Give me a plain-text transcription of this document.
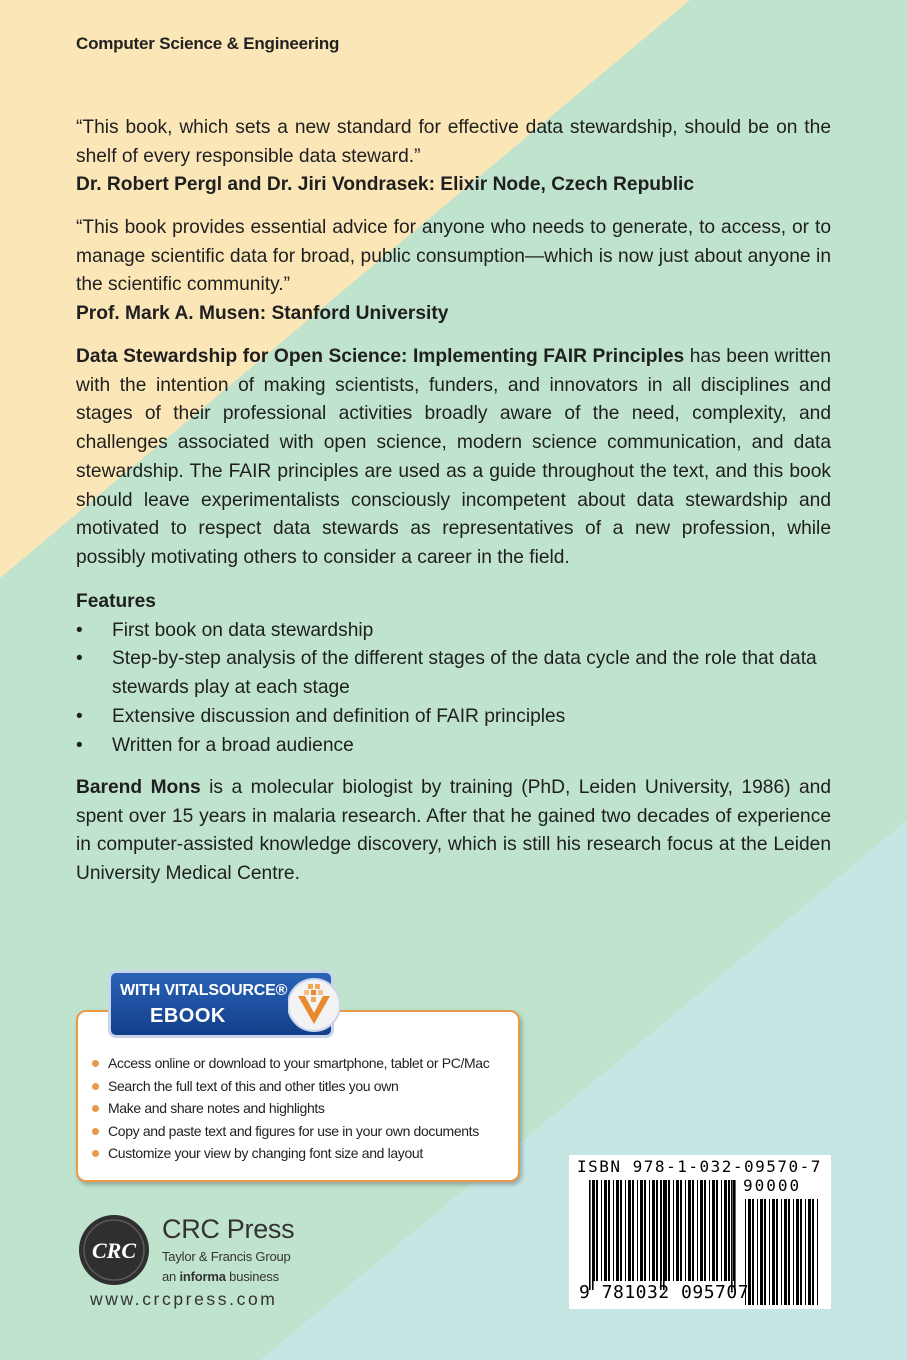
Computer Science & Engineering
“This book, which sets a new standard for effective data stewardship, should be on the shelf of every responsible data steward.”
Dr. Robert Pergl and Dr. Jiri Vondrasek: Elixir Node, Czech Republic
“This book provides essential advice for anyone who needs to generate, to access, or to manage scientific data for broad, public consumption—which is now just about anyone in the scientific community.”
Prof. Mark A. Musen: Stanford University
Data Stewardship for Open Science: Implementing FAIR Principles has been written with the intention of making scientists, funders, and innovators in all disciplines and stages of their professional activities broadly aware of the need, complexity, and challenges associated with open science, modern science communication, and data stewardship. The FAIR principles are used as a guide throughout the text, and this book should leave experimentalists consciously incompetent about data stewardship and motivated to respect data stewards as representatives of a new profession, while possibly motivating others to consider a career in the field.
Features
• First book on data stewardship
• Step-by-step analysis of the different stages of the data cycle and the role that data stewards play at each stage
• Extensive discussion and definition of FAIR principles
• Written for a broad audience
Barend Mons is a molecular biologist by training (PhD, Leiden University, 1986) and spent over 15 years in malaria research. After that he gained two decades of experience in computer-assisted knowledge discovery, which is still his research focus at the Leiden University Medical Centre.
Access online or download to your smartphone, tablet or PC/Mac
Search the full text of this and other titles you own
Make and share notes and highlights
Copy and paste text and figures for use in your own documents
Customize your view by changing font size and layout
WITH VITALSOURCE®
EBOOK
CRC
CRC Press
Taylor & Francis Group
an informa business
www.crcpress.com
ISBN 978-1-032-09570-7
90000
9 781032 095707
